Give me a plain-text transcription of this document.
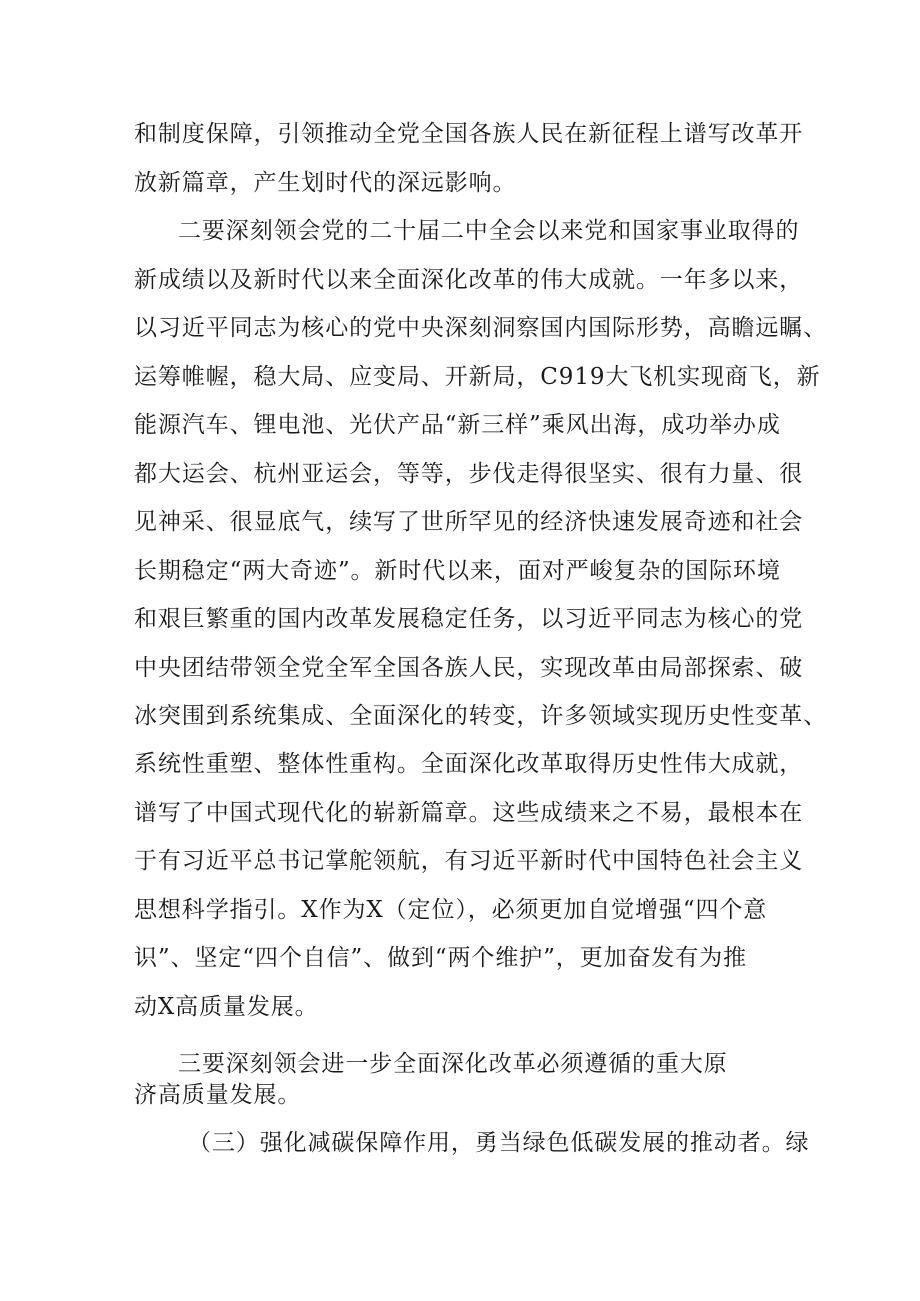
和制度保障，引领推动全党全国各族人民在新征程上谱写改革开

放新篇章，产生划时代的深远影响。

二要深刻领会党的二十届二中全会以来党和国家事业取得的

新成绩以及新时代以来全面深化改革的伟大成就。一年多以来，

以习近平同志为核心的党中央深刻洞察国内国际形势，高瞻远瞩、

运筹帷幄，稳大局、应变局、开新局，C919大飞机实现商飞，新

能源汽车、锂电池、光伏产品“新三样”乘风出海，成功举办成

都大运会、杭州亚运会，等等，步伐走得很坚实、很有力量、很

见神采、很显底气，续写了世所罕见的经济快速发展奇迹和社会

长期稳定“两大奇迹”。新时代以来，面对严峻复杂的国际环境

和艰巨繁重的国内改革发展稳定任务，以习近平同志为核心的党

中央团结带领全党全军全国各族人民，实现改革由局部探索、破

冰突围到系统集成、全面深化的转变，许多领域实现历史性变革、

系统性重塑、整体性重构。全面深化改革取得历史性伟大成就，

谱写了中国式现代化的崭新篇章。这些成绩来之不易，最根本在

于有习近平总书记掌舵领航，有习近平新时代中国特色社会主义

思想科学指引。X作为X（定位），必须更加自觉增强“四个意

识”、坚定“四个自信”、做到“两个维护”，更加奋发有为推

动X高质量发展。

三要深刻领会进一步全面深化改革必须遵循的重大原

济高质量发展。

（三）强化减碳保障作用，勇当绿色低碳发展的推动者。绿
